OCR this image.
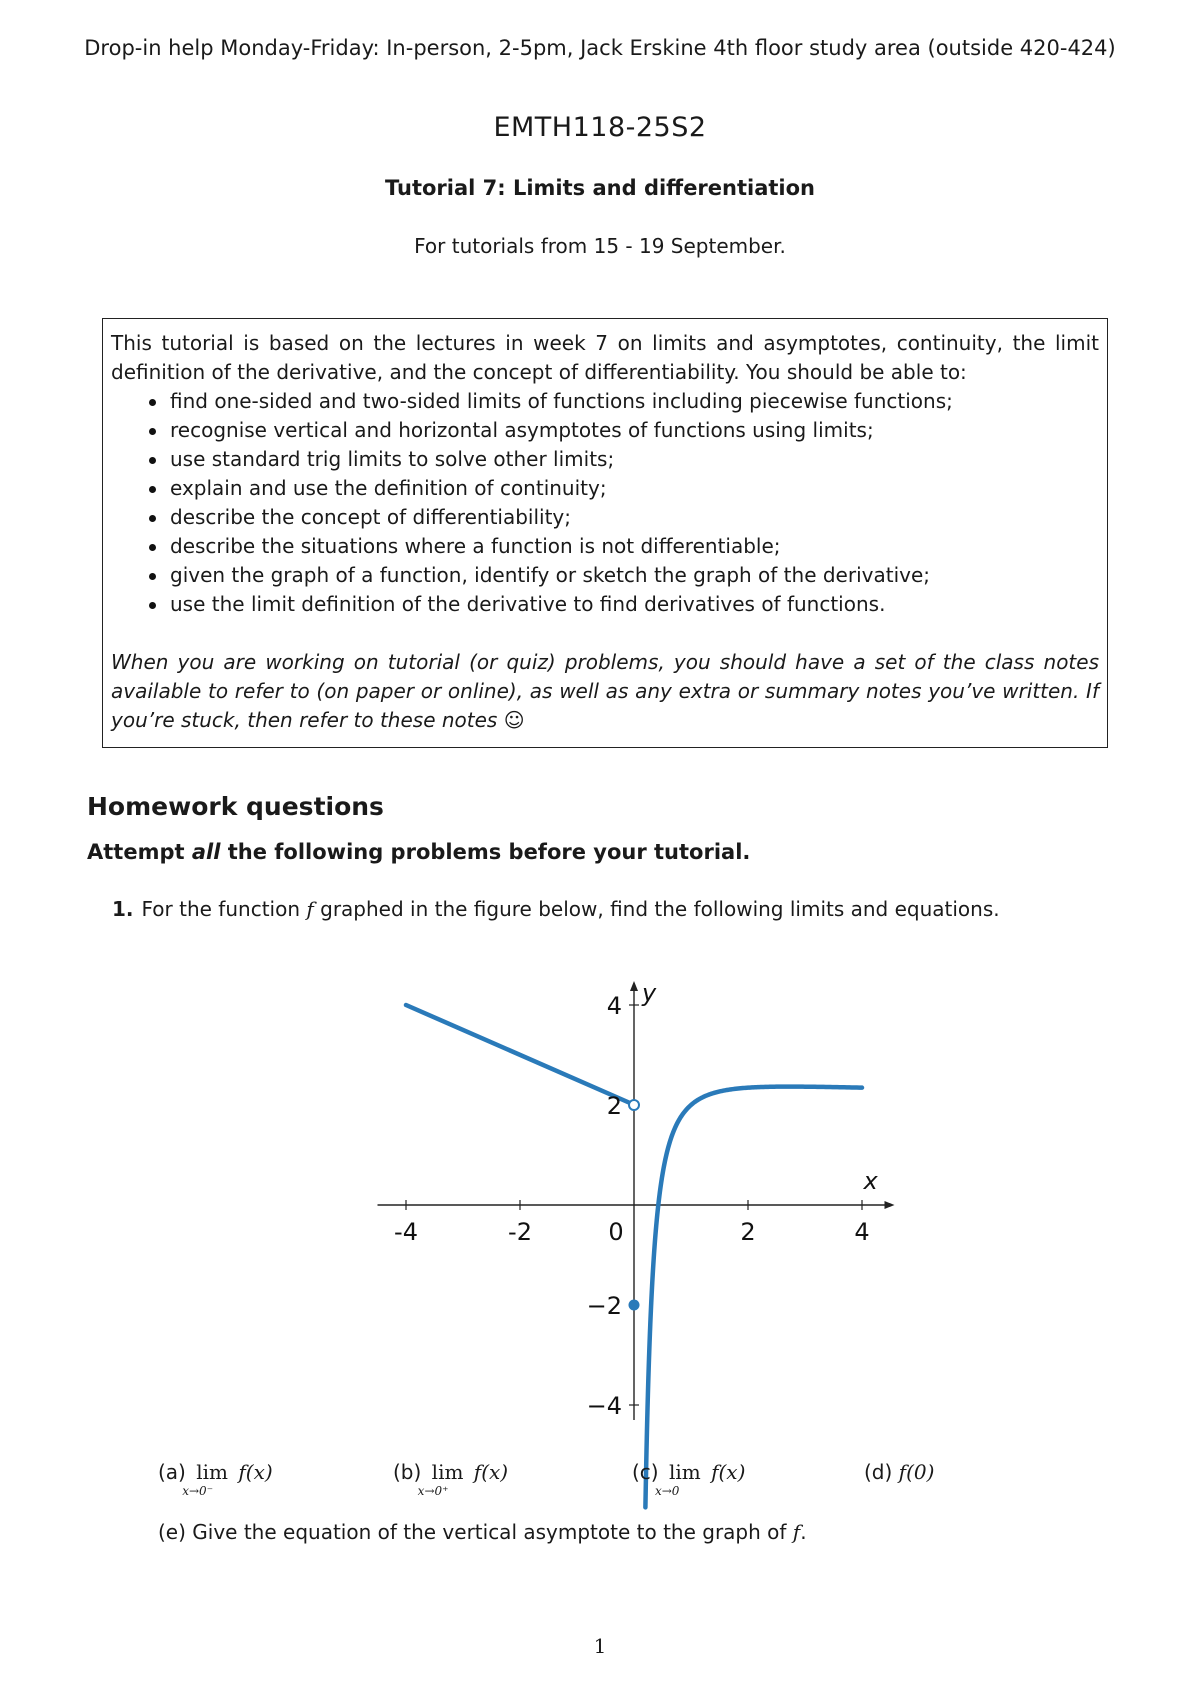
Drop-in help Monday-Friday: In-person, 2-5pm, Jack Erskine 4th floor study area (outside 420-424)
EMTH118-25S2
Tutorial 7: Limits and differentiation
For tutorials from 15 - 19 September.
This tutorial is based on the lectures in week 7 on limits and asymptotes, continuity, the limit definition of the derivative, and the concept of differentiability. You should be able to:
find one-sided and two-sided limits of functions including piecewise functions;
recognise vertical and horizontal asymptotes of functions using limits;
use standard trig limits to solve other limits;
explain and use the definition of continuity;
describe the concept of differentiability;
describe the situations where a function is not differentiable;
given the graph of a function, identify or sketch the graph of the derivative;
use the limit definition of the derivative to find derivatives of functions.
When you are working on tutorial (or quiz) problems, you should have a set of the class notes available to refer to (on paper or online), as well as any extra or summary notes you’ve written. If you’re stuck, then refer to these notes ☺
Homework questions
Attempt all the following problems before your tutorial.
1. For the function f graphed in the figure below, find the following limits and equations.
-4	-2	0	2	4
−4
−2
2
4
x
y
(a) lim
x→0⁻
f(x)	(b) lim
x→0⁺
f(x)	(c) lim
x→0
f(x)	(d) f(0)
(e) Give the equation of the vertical asymptote to the graph of f.
1
